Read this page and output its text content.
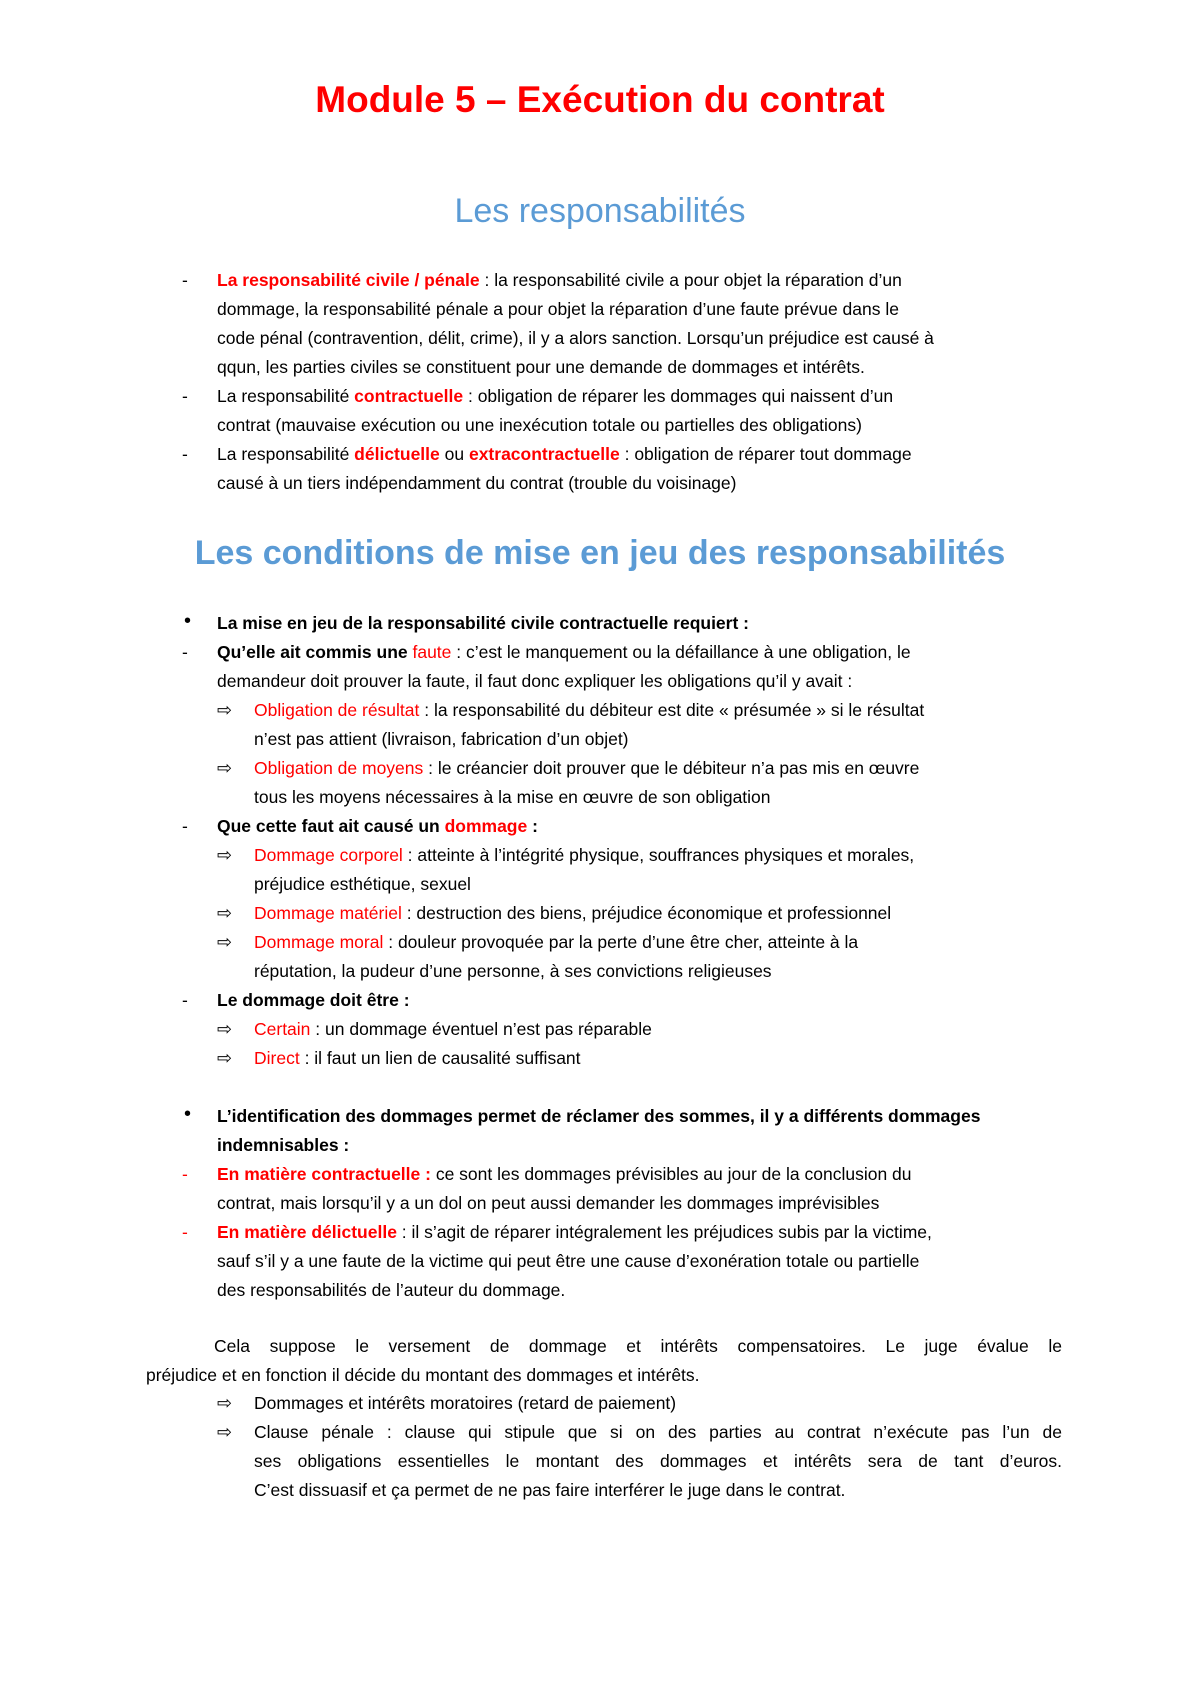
Module 5 – Exécution du contrat
Les responsabilités
- La responsabilité civile / pénale : la responsabilité civile a pour objet la réparation d’un
dommage, la responsabilité pénale a pour objet la réparation d’une faute prévue dans le
code pénal (contravention, délit, crime), il y a alors sanction. Lorsqu’un préjudice est causé à
qqun, les parties civiles se constituent pour une demande de dommages et intérêts.
- La responsabilité contractuelle : obligation de réparer les dommages qui naissent d’un
contrat (mauvaise exécution ou une inexécution totale ou partielles des obligations)
- La responsabilité délictuelle ou extracontractuelle : obligation de réparer tout dommage
causé à un tiers indépendamment du contrat (trouble du voisinage)
Les conditions de mise en jeu des responsabilités
• La mise en jeu de la responsabilité civile contractuelle requiert :
- Qu’elle ait commis une faute : c’est le manquement ou la défaillance à une obligation, le
demandeur doit prouver la faute, il faut donc expliquer les obligations qu’il y avait :
⇨ Obligation de résultat : la responsabilité du débiteur est dite « présumée » si le résultat
n’est pas attient (livraison, fabrication d’un objet)
⇨ Obligation de moyens : le créancier doit prouver que le débiteur n’a pas mis en œuvre
tous les moyens nécessaires à la mise en œuvre de son obligation
- Que cette faut ait causé un dommage :
⇨ Dommage corporel : atteinte à l’intégrité physique, souffrances physiques et morales,
préjudice esthétique, sexuel
⇨ Dommage matériel : destruction des biens, préjudice économique et professionnel
⇨ Dommage moral : douleur provoquée par la perte d’une être cher, atteinte à la
réputation, la pudeur d’une personne, à ses convictions religieuses
- Le dommage doit être :
⇨ Certain : un dommage éventuel n’est pas réparable
⇨ Direct : il faut un lien de causalité suffisant
• L’identification des dommages permet de réclamer des sommes, il y a différents dommages
indemnisables :
- En matière contractuelle : ce sont les dommages prévisibles au jour de la conclusion du
contrat, mais lorsqu’il y a un dol on peut aussi demander les dommages imprévisibles
- En matière délictuelle : il s’agit de réparer intégralement les préjudices subis par la victime,
sauf s’il y a une faute de la victime qui peut être une cause d’exonération totale ou partielle
des responsabilités de l’auteur du dommage.
Cela suppose le versement de dommage et intérêts compensatoires. Le juge évalue le
préjudice et en fonction il décide du montant des dommages et intérêts.
⇨ Dommages et intérêts moratoires (retard de paiement)
⇨ Clause pénale : clause qui stipule que si on des parties au contrat n’exécute pas l’un de
ses obligations essentielles le montant des dommages et intérêts sera de tant d’euros.
C’est dissuasif et ça permet de ne pas faire interférer le juge dans le contrat.
